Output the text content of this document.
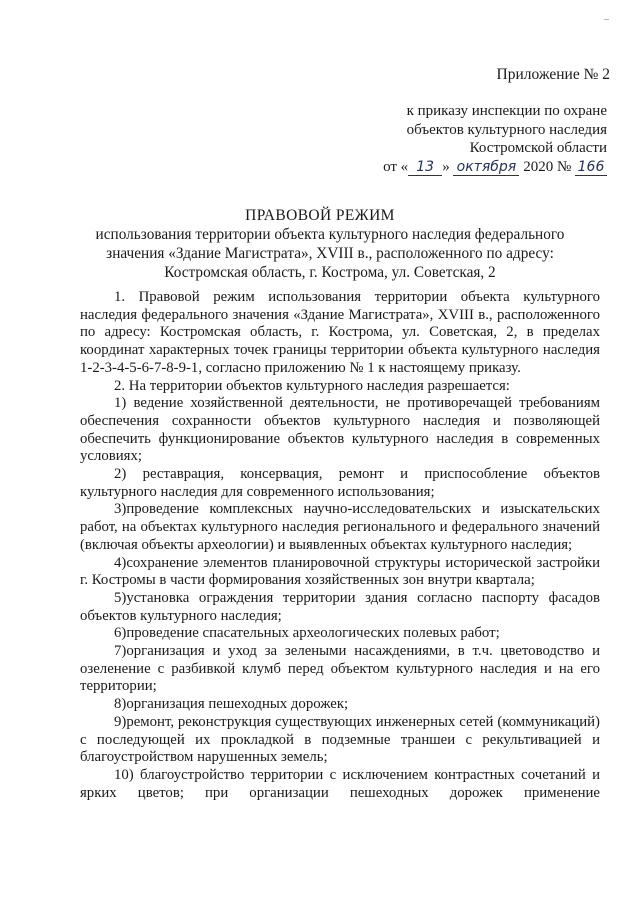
–
Приложение № 2
к приказу инспекции по охране
объектов культурного наследия
Костромской области
от « 13 » октября 2020 № 166
ПРАВОВОЙ РЕЖИМ
использования территории объекта культурного наследия федерального значения «Здание Магистрата», XVIII в., расположенного по адресу: Костромская область, г. Кострома, ул. Советская, 2

1. Правовой режим использования территории объекта культурного наследия федерального значения «Здание Магистрата», XVIII в., расположенного по адресу: Костромская область, г. Кострома, ул. Советская, 2, в пределах координат характерных точек границы территории объекта культурного наследия 1-2-3-4-5-6-7-8-9-1, согласно приложению № 1 к настоящему приказу.

2. На территории объектов культурного наследия разрешается:

1) ведение хозяйственной деятельности, не противоречащей требованиям обеспечения сохранности объектов культурного наследия и позволяющей обеспечить функционирование объектов культурного наследия в современных условиях;

2) реставрация, консервация, ремонт и приспособление объектов культурного наследия для современного использования;

3)проведение комплексных научно-исследовательских и изыскательских работ, на объектах культурного наследия регионального и федерального значений (включая объекты археологии) и выявленных объектах культурного наследия;

4)сохранение элементов планировочной структуры исторической застройки г. Костромы в части формирования хозяйственных зон внутри квартала;

5)установка ограждения территории здания согласно паспорту фасадов объектов культурного наследия;

6)проведение спасательных археологических полевых работ;

7)организация и уход за зелеными насаждениями, в т.ч. цветоводство и озеленение с разбивкой клумб перед объектом культурного наследия и на его территории;

8)организация пешеходных дорожек;

9)ремонт, реконструкция существующих инженерных сетей (коммуникаций) с последующей их прокладкой в подземные траншеи с рекультивацией и благоустройством нарушенных земель;

10) благоустройство территории с исключением контрастных сочетаний и ярких цветов; при организации пешеходных дорожек применение
